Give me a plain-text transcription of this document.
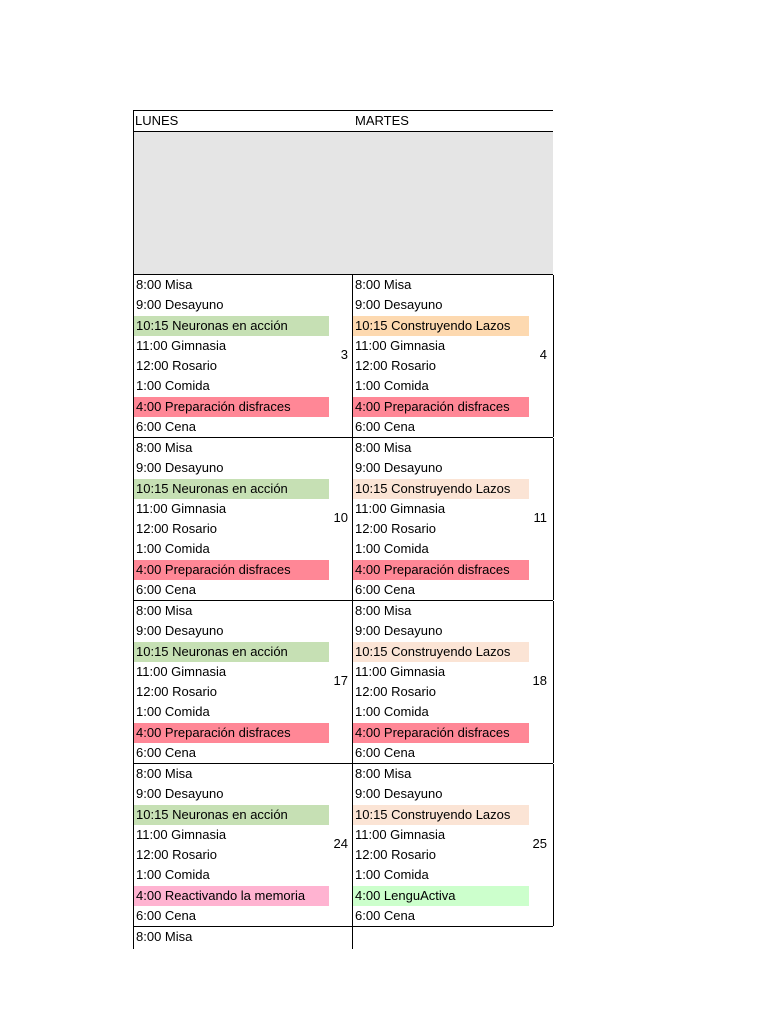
LUNES	MARTES
8:00 Misa
9:00 Desayuno
10:15 Neuronas en acción
11:00 Gimnasia
12:00 Rosario
1:00 Comida
4:00 Preparación disfraces
6:00 Cena
3
8:00 Misa
9:00 Desayuno
10:15 Construyendo Lazos
11:00 Gimnasia
12:00 Rosario
1:00 Comida
4:00 Preparación disfraces
6:00 Cena
4
8:00 Misa
9:00 Desayuno
10:15 Neuronas en acción
11:00 Gimnasia
12:00 Rosario
1:00 Comida
4:00 Preparación disfraces
6:00 Cena
10
8:00 Misa
9:00 Desayuno
10:15 Construyendo Lazos
11:00 Gimnasia
12:00 Rosario
1:00 Comida
4:00 Preparación disfraces
6:00 Cena
11
8:00 Misa
9:00 Desayuno
10:15 Neuronas en acción
11:00 Gimnasia
12:00 Rosario
1:00 Comida
4:00 Preparación disfraces
6:00 Cena
17
8:00 Misa
9:00 Desayuno
10:15 Construyendo Lazos
11:00 Gimnasia
12:00 Rosario
1:00 Comida
4:00 Preparación disfraces
6:00 Cena
18
8:00 Misa
9:00 Desayuno
10:15 Neuronas en acción
11:00 Gimnasia
12:00 Rosario
1:00 Comida
4:00 Reactivando la memoria
6:00 Cena
24
8:00 Misa
9:00 Desayuno
10:15 Construyendo Lazos
11:00 Gimnasia
12:00 Rosario
1:00 Comida
4:00 LenguActiva
6:00 Cena
25
8:00 Misa
